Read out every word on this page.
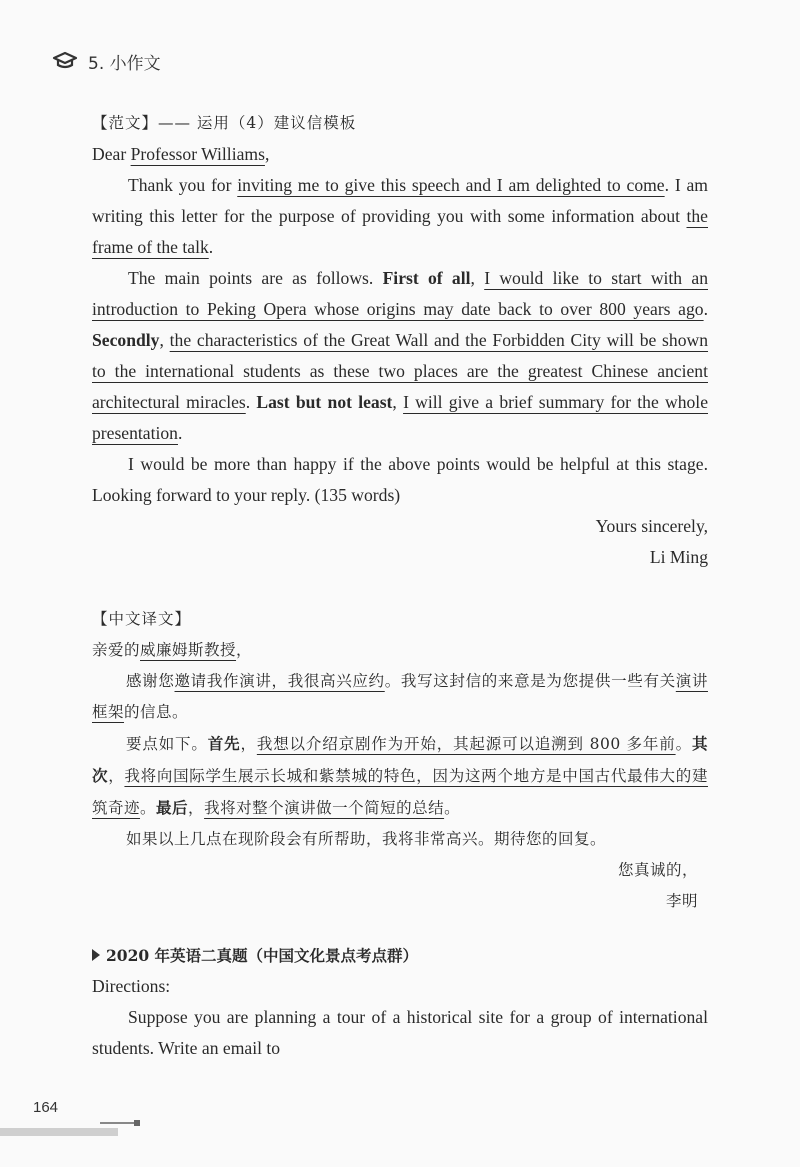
5. 小作文
【范文】—— 运用（4）建议信模板

Dear Professor Williams,

Thank you for inviting me to give this speech and I am delighted to come. I am writing this letter for the purpose of providing you with some information about the frame of the talk.

The main points are as follows. First of all, I would like to start with an introduction to Peking Opera whose origins may date back to over 800 years ago. Secondly, the characteristics of the Great Wall and the Forbidden City will be shown to the international students as these two places are the greatest Chinese ancient architectural miracles. Last but not least, I will give a brief summary for the whole presentation.

I would be more than happy if the above points would be helpful at this stage. Looking forward to your reply. (135 words)

Yours sincerely,

Li Ming

【中文译文】

亲爱的威廉姆斯教授，

感谢您邀请我作演讲，我很高兴应约。我写这封信的来意是为您提供一些有关演讲框架的信息。

要点如下。首先，我想以介绍京剧作为开始，其起源可以追溯到 800 多年前。其次，我将向国际学生展示长城和紫禁城的特色，因为这两个地方是中国古代最伟大的建筑奇迹。最后，我将对整个演讲做一个简短的总结。

如果以上几点在现阶段会有所帮助，我将非常高兴。期待您的回复。

您真诚的，

李明

2020 年英语二真题（中国文化景点考点群）

Directions:

Suppose you are planning a tour of a historical site for a group of international students. Write an email to

164
